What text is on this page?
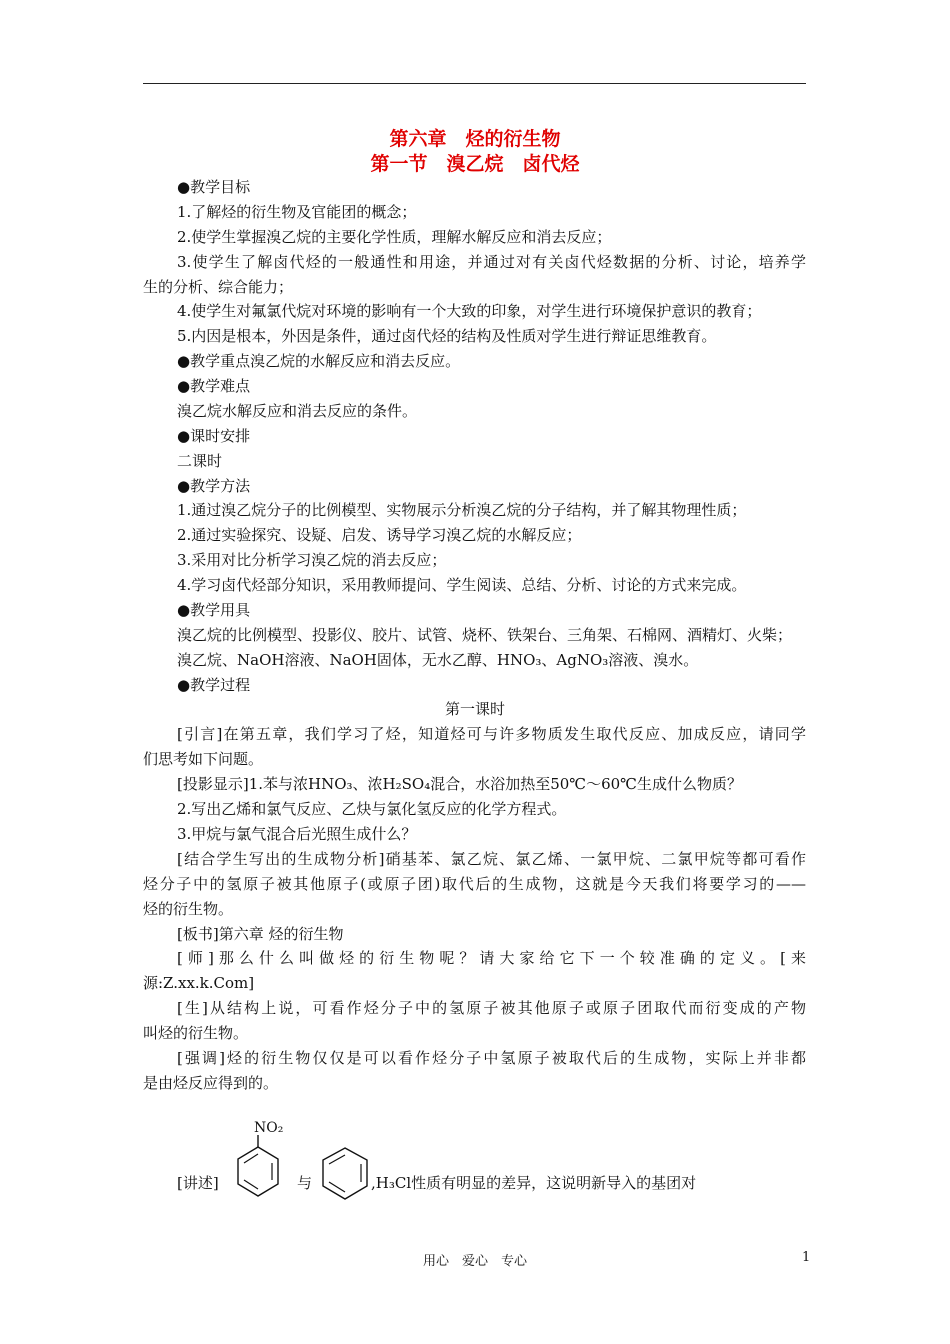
第六章　烃的衍生物
第一节　溴乙烷　卤代烃
●教学目标
1.了解烃的衍生物及官能团的概念；
2.使学生掌握溴乙烷的主要化学性质，理解水解反应和消去反应；
3.使学生了解卤代烃的一般通性和用途，并通过对有关卤代烃数据的分析、讨论，培养学
生的分析、综合能力；
4.使学生对氟氯代烷对环境的影响有一个大致的印象，对学生进行环境保护意识的教育；
5.内因是根本，外因是条件，通过卤代烃的结构及性质对学生进行辩证思维教育。
●教学重点溴乙烷的水解反应和消去反应。
●教学难点
溴乙烷水解反应和消去反应的条件。
●课时安排
二课时
●教学方法
1.通过溴乙烷分子的比例模型、实物展示分析溴乙烷的分子结构，并了解其物理性质；
2.通过实验探究、设疑、启发、诱导学习溴乙烷的水解反应；
3.采用对比分析学习溴乙烷的消去反应；
4.学习卤代烃部分知识，采用教师提问、学生阅读、总结、分析、讨论的方式来完成。
●教学用具
溴乙烷的比例模型、投影仪、胶片、试管、烧杯、铁架台、三角架、石棉网、酒精灯、火柴；
溴乙烷、NaOH溶液、NaOH固体，无水乙醇、HNO₃、AgNO₃溶液、溴水。
●教学过程
[引言]在第五章，我们学习了烃，知道烃可与许多物质发生取代反应、加成反应，请同学
们思考如下问题。
[投影显示]1.苯与浓HNO₃、浓H₂SO₄混合，水浴加热至50℃～60℃生成什么物质？
2.写出乙烯和氯气反应、乙炔与氯化氢反应的化学方程式。
3.甲烷与氯气混合后光照生成什么？
[结合学生写出的生成物分析]硝基苯、氯乙烷、氯乙烯、一氯甲烷、二氯甲烷等都可看作
烃分子中的氢原子被其他原子(或原子团)取代后的生成物，这就是今天我们将要学习的——
烃的衍生物。
[板书]第六章 烃的衍生物
[师]那么什么叫做烃的衍生物呢？请大家给它下一个较准确的定义。[来
源:Z.xx.k.Com]
[生]从结构上说，可看作烃分子中的氢原子被其他原子或原子团取代而衍变成的产物
叫烃的衍生物。
[强调]烃的衍生物仅仅是可以看作烃分子中氢原子被取代后的生成物，实际上并非都
是由烃反应得到的。
第一课时
[讲述]
NO₂
与	,H₃Cl性质有明显的差异，这说明新导入的基团对
用心　爱心　专心	1
